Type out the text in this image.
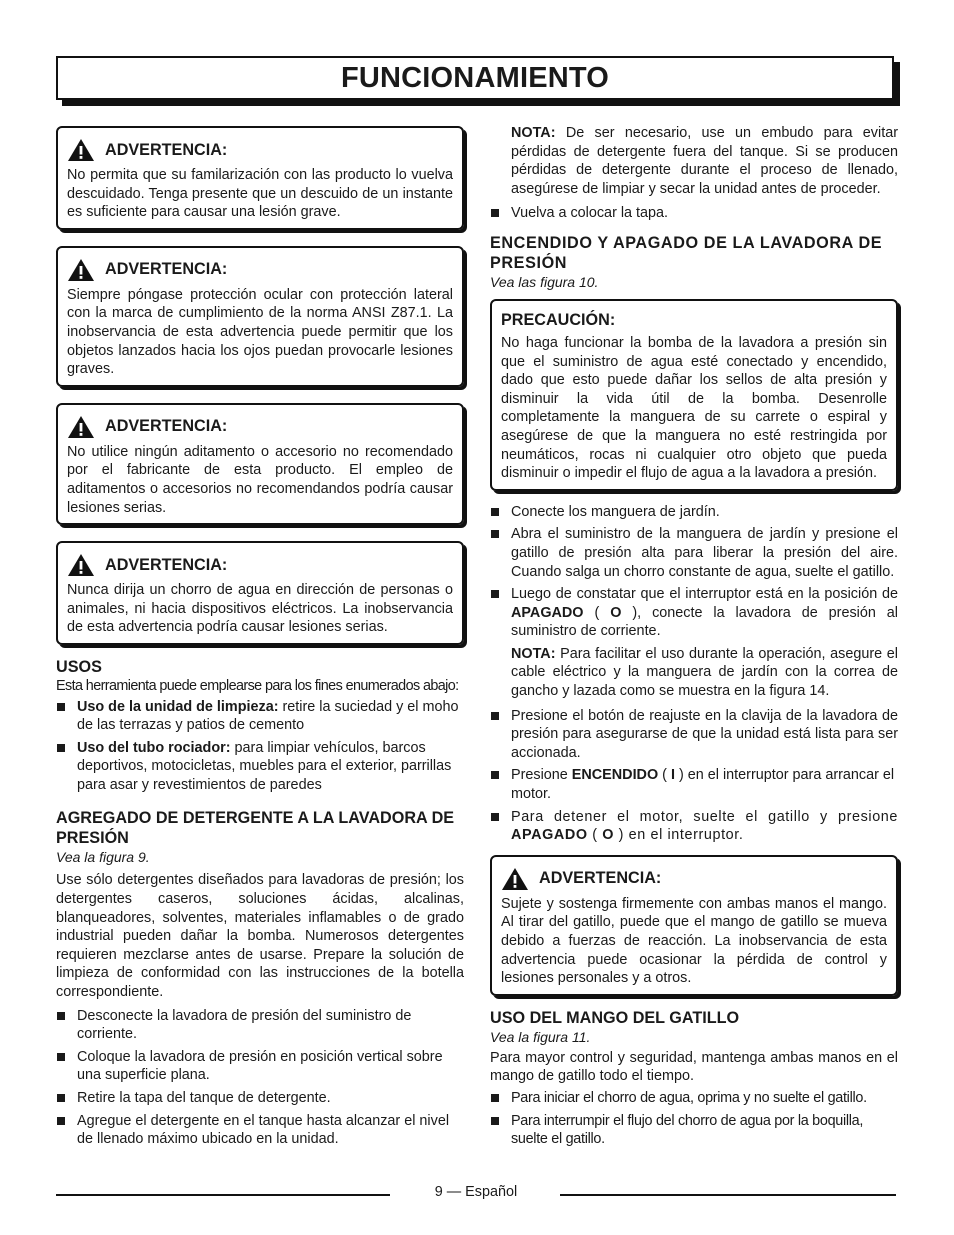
FUNCIONAMIENTO
ADVERTENCIA:

No permita que su familarización con las producto lo vuelva descuidado. Tenga presente que un descuido de un instante es suficiente para causar una lesión grave.

ADVERTENCIA:

Siempre póngase protección ocular con protección lateral con la marca de cumplimiento de la norma ANSI Z87.1. La inobservancia de esta advertencia puede permitir que los objetos lanzados hacia los ojos puedan provocarle lesiones graves.

ADVERTENCIA:

No utilice ningún aditamento o accesorio no recomendado por el fabricante de esta producto. El empleo de aditamentos o accesorios no recomendandos podría causar lesiones serias.

ADVERTENCIA:

Nunca dirija un chorro de agua en dirección de personas o animales, ni hacia dispositivos eléctricos. La inobservancia de esta advertencia podría causar lesiones serias.

USOS

Esta herramienta puede emplearse para los fines enumerados abajo:

Uso de la unidad de limpieza: retire la suciedad y el moho de las terrazas y patios de cemento
Uso del tubo rociador: para limpiar vehículos, barcos deportivos, motocicletas, muebles para el exterior, parrillas para asar y revestimientos de paredes
AGREGADO DE DETERGENTE A LA LAVADORA DE PRESIÓN
Vea la figura 9.

Use sólo detergentes diseñados para lavadoras de presión; los detergentes caseros, soluciones ácidas, alcalinas, blanqueadores, solventes, materiales inflamables o de grado industrial pueden dañar la bomba. Numerosos detergentes requieren mezclarse antes de usarse. Prepare la solución de limpieza de conformidad con las instrucciones de la botella correspondiente.

Desconecte la lavadora de presión del suministro de corriente.
Coloque la lavadora de presión en posición vertical sobre una superficie plana.
Retire la tapa del tanque de detergente.
Agregue el detergente en el tanque hasta alcanzar el nivel de llenado máximo ubicado en la unidad.

NOTA: De ser necesario, use un embudo para evitar pérdidas de detergente fuera del tanque. Si se producen pérdidas de detergente durante el proceso de llenado, asegúrese de limpiar y secar la unidad antes de proceder.

Vuelva a colocar la tapa.
ENCENDIDO Y APAGADO DE LA LAVADORA DE PRESIÓN
Vea las figura 10.
PRECAUCIÓN:

No haga funcionar la bomba de la lavadora a presión sin que el suministro de agua esté conectado y encendido, dado que esto puede dañar los sellos de alta presión y disminuir la vida útil de la bomba. Desenrolle completamente la manguera de su carrete o espiral y asegúrese de que la manguera no esté restringida por neumáticos, rocas ni cualquier otro objeto que pueda disminuir o impedir el flujo de agua a la lavadora a presión.

Conecte los manguera de jardín.
Abra el suministro de la manguera de jardín y presione el gatillo de presión alta para liberar la presión del aire. Cuando salga un chorro constante de agua, suelte el gatillo.
Luego de constatar que el interruptor está en la posición de APAGADO ( O ), conecte la lavadora de presión al suministro de corriente.

NOTA: Para facilitar el uso durante la operación, asegure el cable eléctrico y la manguera de jardín con la correa de gancho y lazada como se muestra en la figura 14.

Presione el botón de reajuste en la clavija de la lavadora de presión para asegurarse de que la unidad está lista para ser accionada.
Presione ENCENDIDO ( I ) en el interruptor para arrancar el motor.
Para detener el motor, suelte el gatillo y presione APAGADO ( O ) en el interruptor.
ADVERTENCIA:

Sujete y sostenga firmemente con ambas manos el mango. Al tirar del gatillo, puede que el mango de gatillo se mueva debido a fuerzas de reacción. La inobservancia de esta advertencia puede ocasionar la pérdida de control y lesiones personales y a otros.

USO DEL MANGO DEL GATILLO
Vea la figura 11.

Para mayor control y seguridad, mantenga ambas manos en el mango de gatillo todo el tiempo.

Para iniciar el chorro de agua, oprima y no suelte el gatillo.
Para interrumpir el flujo del chorro de agua por la boquilla, suelte el gatillo.
9 — Español
